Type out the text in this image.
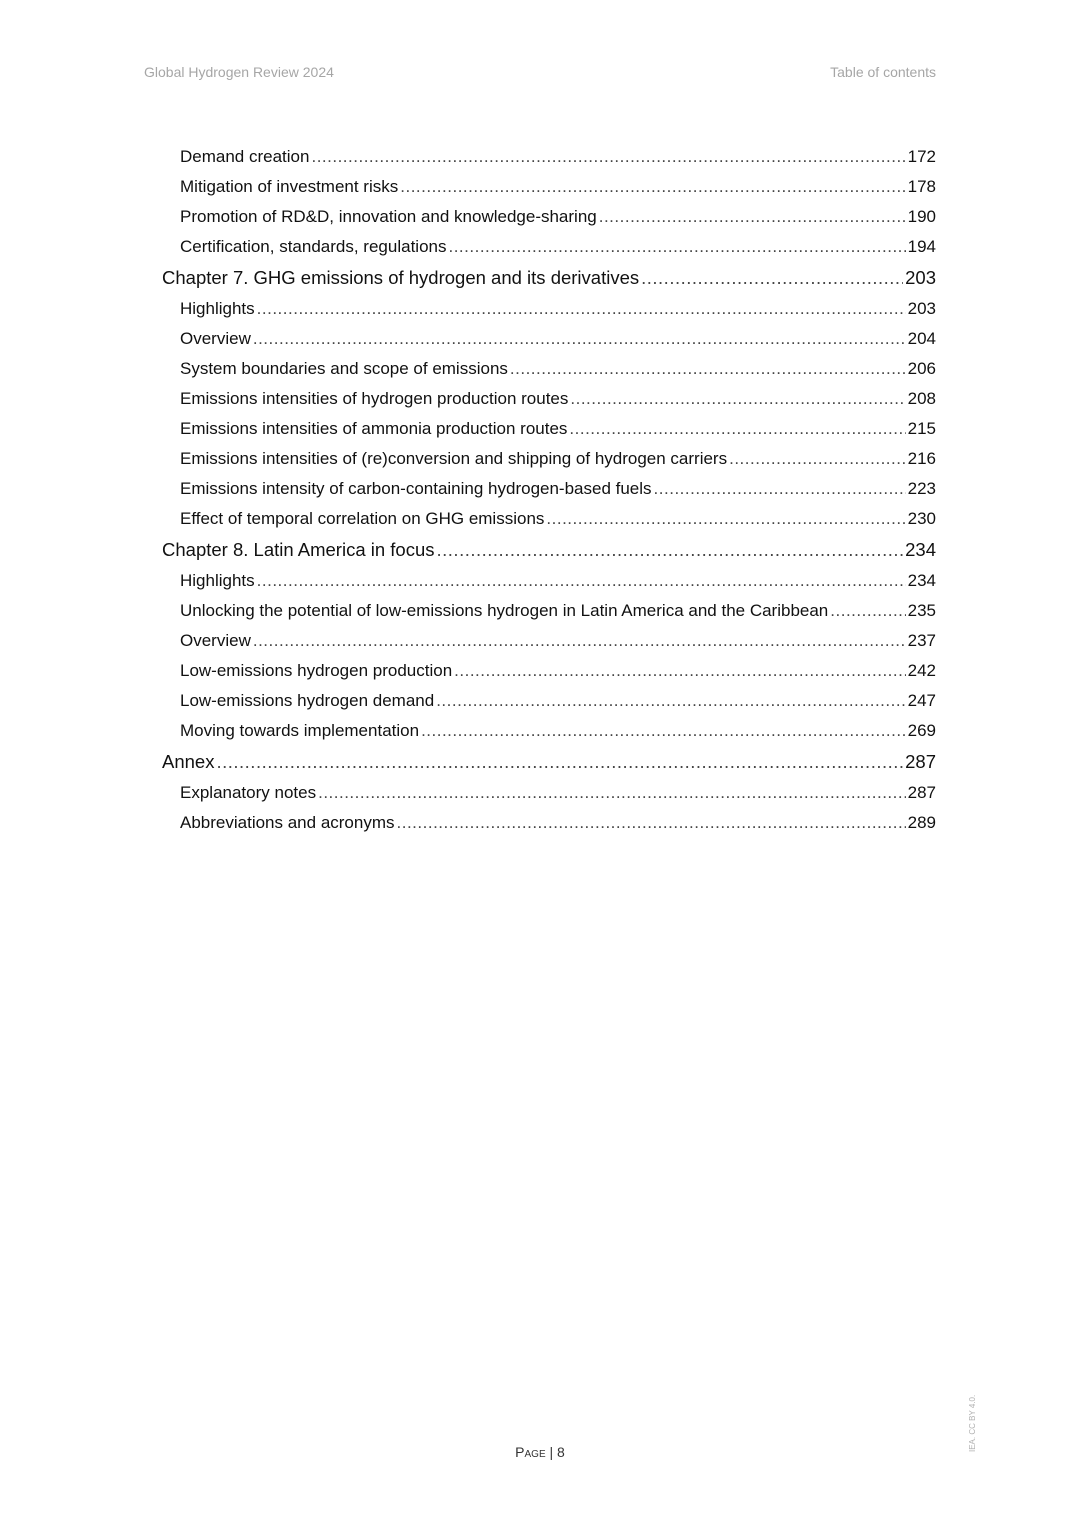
Global Hydrogen Review 2024	Table of contents
Demand creation .....	172
Mitigation of investment risks .....	178
Promotion of RD&D, innovation and knowledge-sharing .....	190
Certification, standards, regulations .....	194
Chapter 7. GHG emissions of hydrogen and its derivatives .....	203
Highlights .....	203
Overview .....	204
System boundaries and scope of emissions .....	206
Emissions intensities of hydrogen production routes .....	208
Emissions intensities of ammonia production routes .....	215
Emissions intensities of (re)conversion and shipping of hydrogen carriers .....	216
Emissions intensity of carbon-containing hydrogen-based fuels .....	223
Effect of temporal correlation on GHG emissions .....	230
Chapter 8. Latin America in focus .....	234
Highlights .....	234
Unlocking the potential of low-emissions hydrogen in Latin America and the Caribbean .....	235
Overview .....	237
Low-emissions hydrogen production .....	242
Low-emissions hydrogen demand .....	247
Moving towards implementation .....	269
Annex .....	287
Explanatory notes .....	287
Abbreviations and acronyms .....	289
Page | 8	IEA. CC BY 4.0.
